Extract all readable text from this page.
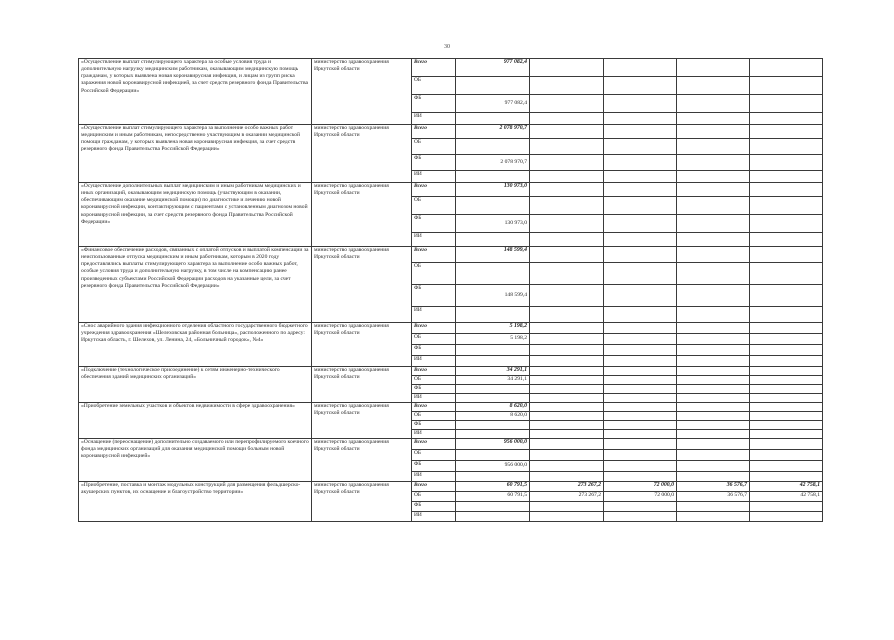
30
«Осуществление выплат стимулирующего характера за особые условия труда и дополнительную нагрузку медицинским работникам, оказывающим медицинскую помощь гражданам, у которых выявлена новая коронавирусная инфекция, и лицам из групп риска заражения новой коронавирусной инфекцией, за счет средств резервного фонда Правительства Российской Федерации»	министерство здравоохранения Иркутской области	Всего	977 082,4				
		ОБ					
		ФБ	977 082,4				
		ИИ					
«Осуществление выплат стимулирующего характера за выполнение особо важных работ медицинским и иным работникам, непосредственно участвующим в оказании медицинской помощи гражданам, у которых выявлена новая коронавирусная инфекция, за счет средств резервного фонда Правительства Российской Федерации»	министерство здравоохранения Иркутской области	Всего	2 078 970,7				
		ОБ					
		ФБ	2 078 970,7				
		ИИ					
«Осуществление дополнительных выплат медицинским и иным работникам медицинских и иных организаций, оказывающим медицинскую помощь (участвующим в оказании, обеспечивающим оказание медицинской помощи) по диагностике и лечению новой коронавирусной инфекции, контактирующим с пациентами с установленным диагнозом новой коронавирусной инфекции, за счет средств резервного фонда Правительства Российской Федерации»	министерство здравоохранения Иркутской области	Всего	130 973,0				
		ОБ					
		ФБ	130 973,0				
		ИИ					
«Финансовое обеспечение расходов, связанных с оплатой отпусков и выплатой компенсации за неиспользованные отпуска медицинским и иным работникам, которым в 2020 году предоставлялись выплаты стимулирующего характера за выполнение особо важных работ, особые условия труда и дополнительную нагрузку, в том числе на компенсацию ранее произведенных субъектами Российской Федерации расходов на указанные цели, за счет резервного фонда Правительства Российской Федерации»	министерство здравоохранения Иркутской области	Всего	148 599,4				
		ОБ					
		ФБ	148 599,4				
		ИИ					
«Снос аварийного здания инфекционного отделения областного государственного бюджетного учреждения здравоохранения «Шелеховская районная больница», расположенного по адресу: Иркутская область, г. Шелехов, ул. Ленина, 24, «Больничный городок», №4»	министерство здравоохранения Иркутской области	Всего	5 198,2				
		ОБ	5 198,2				
		ФБ					
		ИИ					
«Подключение (технологическое присоединение) к сетям инженерно-технического обеспечения зданий медицинских организаций»	министерство здравоохранения Иркутской области	Всего	34 291,1				
		ОБ	34 291,1				
		ФБ					
		ИИ					
«Приобретение земельных участков и объектов недвижимости в сфере здравоохранения»	министерство здравоохранения Иркутской области	Всего	8 620,0				
		ОБ	8 620,0				
		ФБ					
		ИИ					
«Оснащение (переоснащение) дополнительно создаваемого или перепрофилируемого коечного фонда медицинских организаций для оказания медицинской помощи больным новой коронавирусной инфекцией»	министерство здравоохранения Иркутской области	Всего	956 000,0				
		ОБ					
		ФБ	956 000,0				
		ИИ					
«Приобретение, поставка и монтаж модульных конструкций для размещения фельдшерско-акушерских пунктов, их оснащение и благоустройство территории»	министерство здравоохранения Иркутской области	Всего	60 791,5	273 267,2	72 000,0	36 576,7	42 758,1
		ОБ	60 791,5	273 267,2	72 000,0	36 576,7	42 758,1
		ФБ					
		ИИ					
